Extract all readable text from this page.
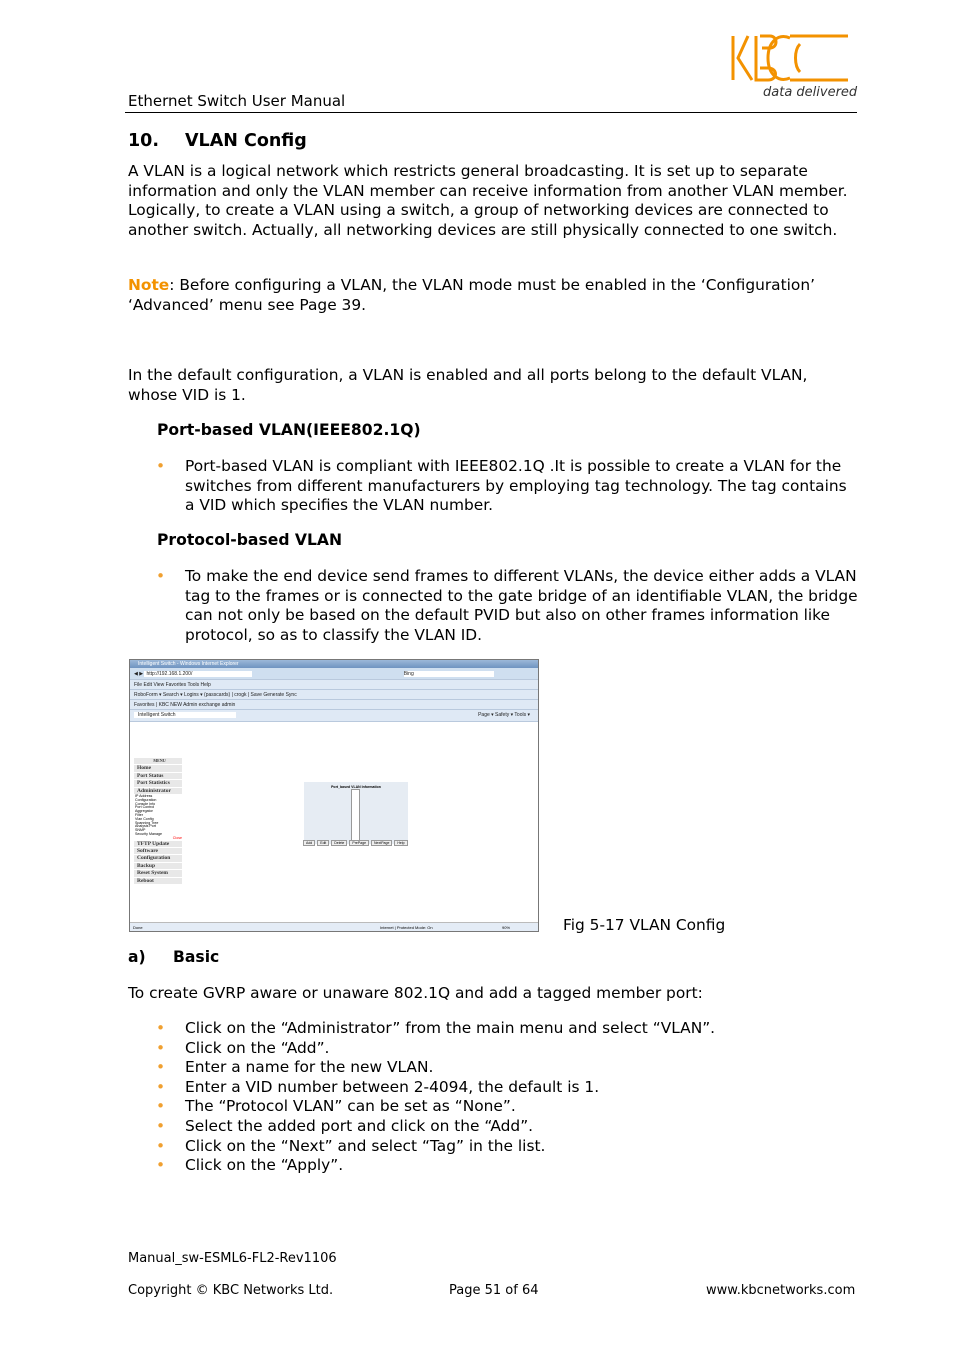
data delivered
Ethernet Switch User Manual
10. VLAN Config

A VLAN is a logical network which restricts general broadcasting. It is set up to separate information and only the VLAN member can receive information from another VLAN member. Logically, to create a VLAN using a switch, a group of networking devices are connected to another switch. Actually, all networking devices are still physically connected to one switch.

Note: Before configuring a VLAN, the VLAN mode must be enabled in the ‘Configuration’ ‘Advanced’ menu see Page 39.

In the default configuration, a VLAN is enabled and all ports belong to the default VLAN, whose VID is 1.

Port-based VLAN(IEEE802.1Q)
• Port-based VLAN is compliant with IEEE802.1Q .It is possible to create a VLAN for the switches from different manufacturers by employing tag technology. The tag contains a VID which specifies the VLAN number.
Protocol-based VLAN
• To make the end device send frames to different VLANs, the device either adds a VLAN tag to the frames or is connected to the gate bridge of an identifiable VLAN, the bridge can not only be based on the default PVID but also on other frames information like protocol, so as to classify the VLAN ID.
Intelligent Switch - Windows Internet Explorer
◀ ▶ http://192.168.1.200/	Bing
File Edit View Favorites Tools Help
RoboForm ▾ Search ▾ Logins ▾ (passcards) | crogk | Save Generate Sync
Favorites | KBC NEW Admin exchange admin
Intelligent Switch	Page ▾ Safety ▾ Tools ▾
MENU
Home
Port Status
Port Statistics
Administrator
IP Address
Configuration
Console Info
Port Control
Aggregator
Filter
Vlan Config
Spanning Tree
Analysis Port
SNMP
Security Manage
Close
TFTP Update
Software
Configuration
Backup
Reset System
Reboot
Port_based VLAN Information
Add Edit Delete PrePage NextPage Help
Done	Internet | Protected Mode: On	90%	Fig 5-17 VLAN Config
a) Basic

To create GVRP aware or unaware 802.1Q and add a tagged member port:

• Click on the “Administrator” from the main menu and select “VLAN”.
• Click on the “Add”.
• Enter a name for the new VLAN.
• Enter a VID number between 2-4094, the default is 1.
• The “Protocol VLAN” can be set as “None”.
• Select the added port and click on the “Add”.
• Click on the “Next” and select “Tag” in the list.
• Click on the “Apply”.
Manual_sw-ESML6-FL2-Rev1106
Copyright © KBC Networks Ltd.	Page 51 of 64	www.kbcnetworks.com
